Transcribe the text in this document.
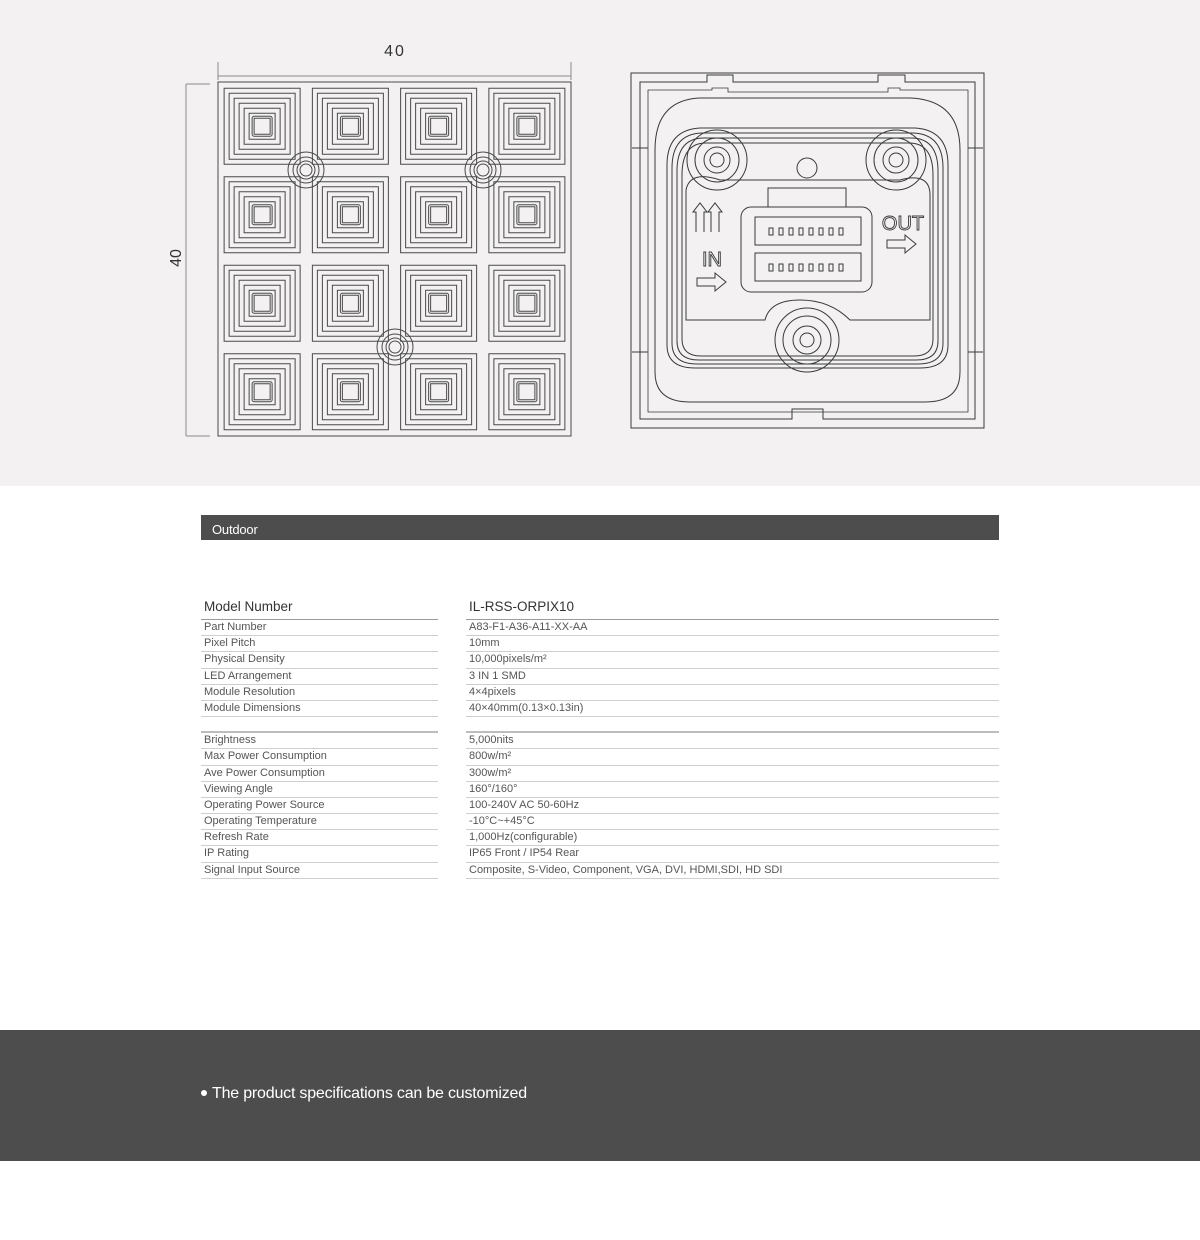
40
40	IN
OUT
Outdoor
Model Number	IL-RSS-ORPIX10
Part Number	A83-F1-A36-A11-XX-AA
Pixel Pitch	10mm
Physical Density	10,000pixels/m²
LED Arrangement	3 IN 1 SMD
Module Resolution	4×4pixels
Module Dimensions	40×40mm(0.13×0.13in)
Brightness	5,000nits
Max Power Consumption	800w/m²
Ave Power Consumption	300w/m²
Viewing Angle	160°/160°
Operating Power Source	100-240V AC 50-60Hz
Operating Temperature	-10°C~+45°C
Refresh Rate	1,000Hz(configurable)
IP Rating	IP65 Front / IP54 Rear
Signal Input Source	Composite, S-Video, Component, VGA, DVI, HDMI,SDI, HD SDI
The product specifications can be customized
